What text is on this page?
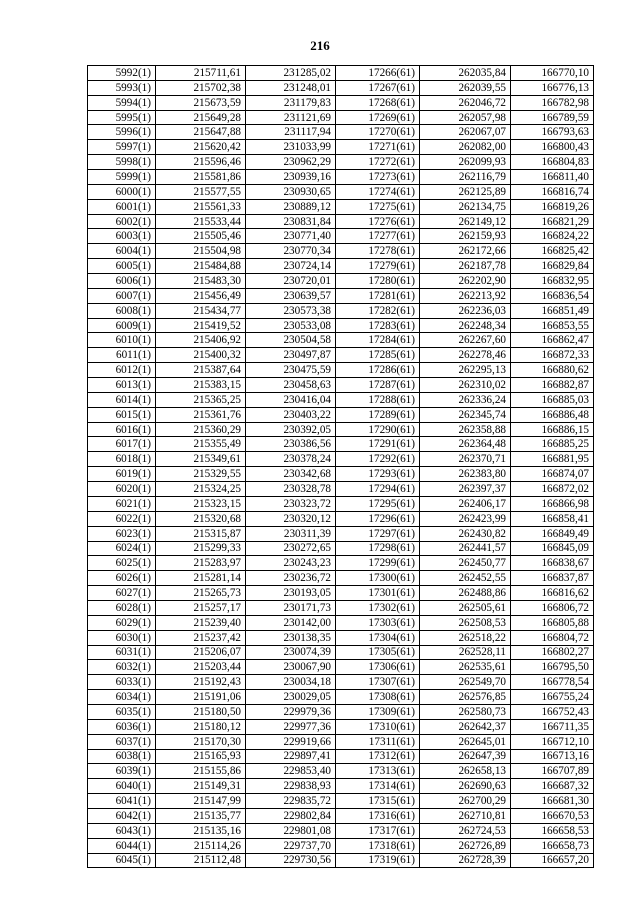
216
5992(1)	215711,61	231285,02	17266(61)	262035,84	166770,10
5993(1)	215702,38	231248,01	17267(61)	262039,55	166776,13
5994(1)	215673,59	231179,83	17268(61)	262046,72	166782,98
5995(1)	215649,28	231121,69	17269(61)	262057,98	166789,59
5996(1)	215647,88	231117,94	17270(61)	262067,07	166793,63
5997(1)	215620,42	231033,99	17271(61)	262082,00	166800,43
5998(1)	215596,46	230962,29	17272(61)	262099,93	166804,83
5999(1)	215581,86	230939,16	17273(61)	262116,79	166811,40
6000(1)	215577,55	230930,65	17274(61)	262125,89	166816,74
6001(1)	215561,33	230889,12	17275(61)	262134,75	166819,26
6002(1)	215533,44	230831,84	17276(61)	262149,12	166821,29
6003(1)	215505,46	230771,40	17277(61)	262159,93	166824,22
6004(1)	215504,98	230770,34	17278(61)	262172,66	166825,42
6005(1)	215484,88	230724,14	17279(61)	262187,78	166829,84
6006(1)	215483,30	230720,01	17280(61)	262202,90	166832,95
6007(1)	215456,49	230639,57	17281(61)	262213,92	166836,54
6008(1)	215434,77	230573,38	17282(61)	262236,03	166851,49
6009(1)	215419,52	230533,08	17283(61)	262248,34	166853,55
6010(1)	215406,92	230504,58	17284(61)	262267,60	166862,47
6011(1)	215400,32	230497,87	17285(61)	262278,46	166872,33
6012(1)	215387,64	230475,59	17286(61)	262295,13	166880,62
6013(1)	215383,15	230458,63	17287(61)	262310,02	166882,87
6014(1)	215365,25	230416,04	17288(61)	262336,24	166885,03
6015(1)	215361,76	230403,22	17289(61)	262345,74	166886,48
6016(1)	215360,29	230392,05	17290(61)	262358,88	166886,15
6017(1)	215355,49	230386,56	17291(61)	262364,48	166885,25
6018(1)	215349,61	230378,24	17292(61)	262370,71	166881,95
6019(1)	215329,55	230342,68	17293(61)	262383,80	166874,07
6020(1)	215324,25	230328,78	17294(61)	262397,37	166872,02
6021(1)	215323,15	230323,72	17295(61)	262406,17	166866,98
6022(1)	215320,68	230320,12	17296(61)	262423,99	166858,41
6023(1)	215315,87	230311,39	17297(61)	262430,82	166849,49
6024(1)	215299,33	230272,65	17298(61)	262441,57	166845,09
6025(1)	215283,97	230243,23	17299(61)	262450,77	166838,67
6026(1)	215281,14	230236,72	17300(61)	262452,55	166837,87
6027(1)	215265,73	230193,05	17301(61)	262488,86	166816,62
6028(1)	215257,17	230171,73	17302(61)	262505,61	166806,72
6029(1)	215239,40	230142,00	17303(61)	262508,53	166805,88
6030(1)	215237,42	230138,35	17304(61)	262518,22	166804,72
6031(1)	215206,07	230074,39	17305(61)	262528,11	166802,27
6032(1)	215203,44	230067,90	17306(61)	262535,61	166795,50
6033(1)	215192,43	230034,18	17307(61)	262549,70	166778,54
6034(1)	215191,06	230029,05	17308(61)	262576,85	166755,24
6035(1)	215180,50	229979,36	17309(61)	262580,73	166752,43
6036(1)	215180,12	229977,36	17310(61)	262642,37	166711,35
6037(1)	215170,30	229919,66	17311(61)	262645,01	166712,10
6038(1)	215165,93	229897,41	17312(61)	262647,39	166713,16
6039(1)	215155,86	229853,40	17313(61)	262658,13	166707,89
6040(1)	215149,31	229838,93	17314(61)	262690,63	166687,32
6041(1)	215147,99	229835,72	17315(61)	262700,29	166681,30
6042(1)	215135,77	229802,84	17316(61)	262710,81	166670,53
6043(1)	215135,16	229801,08	17317(61)	262724,53	166658,53
6044(1)	215114,26	229737,70	17318(61)	262726,89	166658,73
6045(1)	215112,48	229730,56	17319(61)	262728,39	166657,20
